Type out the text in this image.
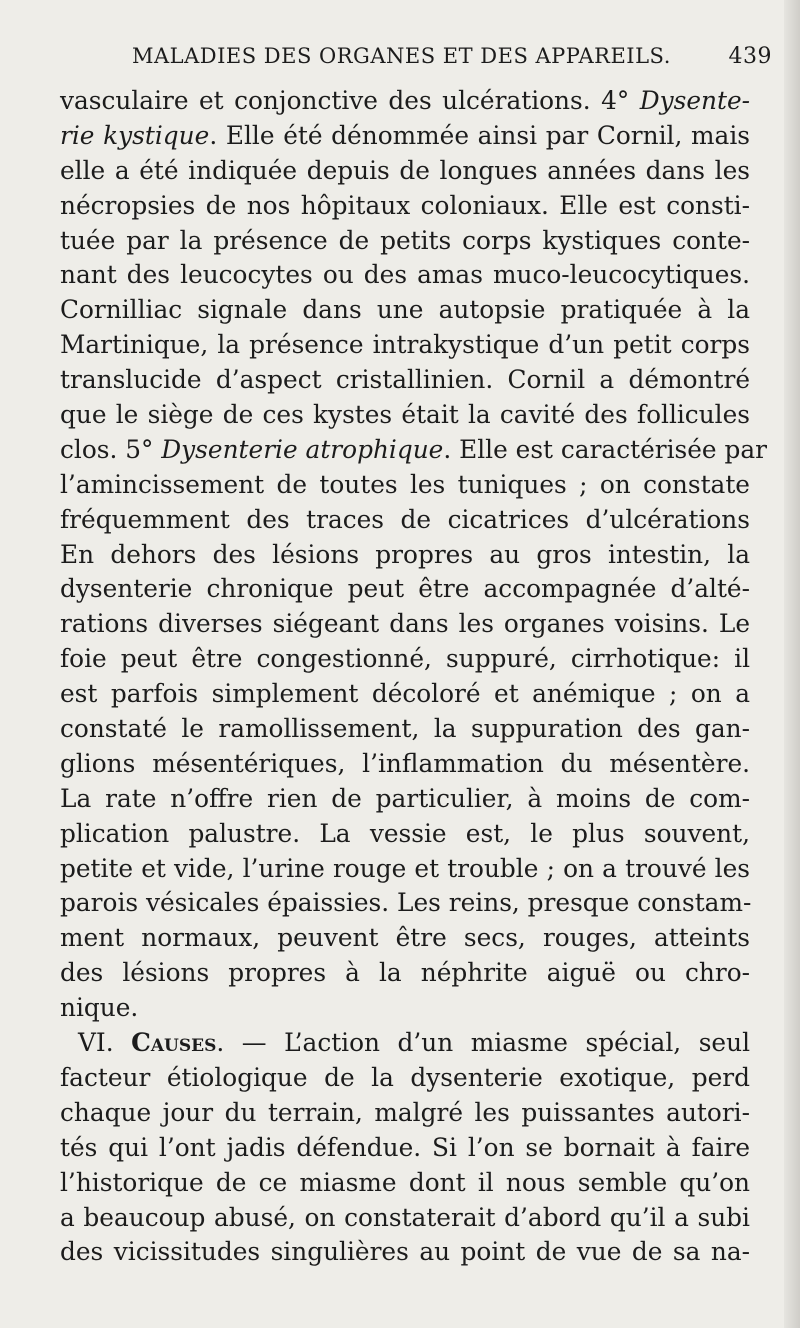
MALADIES DES ORGANES ET DES APPAREILS.	439
vasculaire et conjonctive des ulcérations. 4° Dysente-
rie kystique. Elle été dénommée ainsi par Cornil, mais
elle a été indiquée depuis de longues années dans les
nécropsies de nos hôpitaux coloniaux. Elle est consti-
tuée par la présence de petits corps kystiques conte-
nant des leucocytes ou des amas muco-leucocytiques.
Cornilliac signale dans une autopsie pratiquée à la
Martinique, la présence intrakystique d’un petit corps
translucide d’aspect cristallinien. Cornil a démontré
que le siège de ces kystes était la cavité des follicules
clos. 5° Dysenterie atrophique. Elle est caractérisée par
l’amincissement de toutes les tuniques ; on constate
fréquemment des traces de cicatrices d’ulcérations
En dehors des lésions propres au gros intestin, la
dysenterie chronique peut être accompagnée d’alté-
rations diverses siégeant dans les organes voisins. Le
foie peut être congestionné, suppuré, cirrhotique: il
est parfois simplement décoloré et anémique ; on a
constaté le ramollissement, la suppuration des gan-
glions mésentériques, l’inflammation du mésentère.
La rate n’offre rien de particulier, à moins de com-
plication palustre. La vessie est, le plus souvent,
petite et vide, l’urine rouge et trouble ; on a trouvé les
parois vésicales épaissies. Les reins, presque constam-
ment normaux, peuvent être secs, rouges, atteints
des lésions propres à la néphrite aiguë ou chro-
nique.
VI. Causes. — L’action d’un miasme spécial, seul
facteur étiologique de la dysenterie exotique, perd
chaque jour du terrain, malgré les puissantes autori-
tés qui l’ont jadis défendue. Si l’on se bornait à faire
l’historique de ce miasme dont il nous semble qu’on
a beaucoup abusé, on constaterait d’abord qu’il a subi
des vicissitudes singulières au point de vue de sa na-
